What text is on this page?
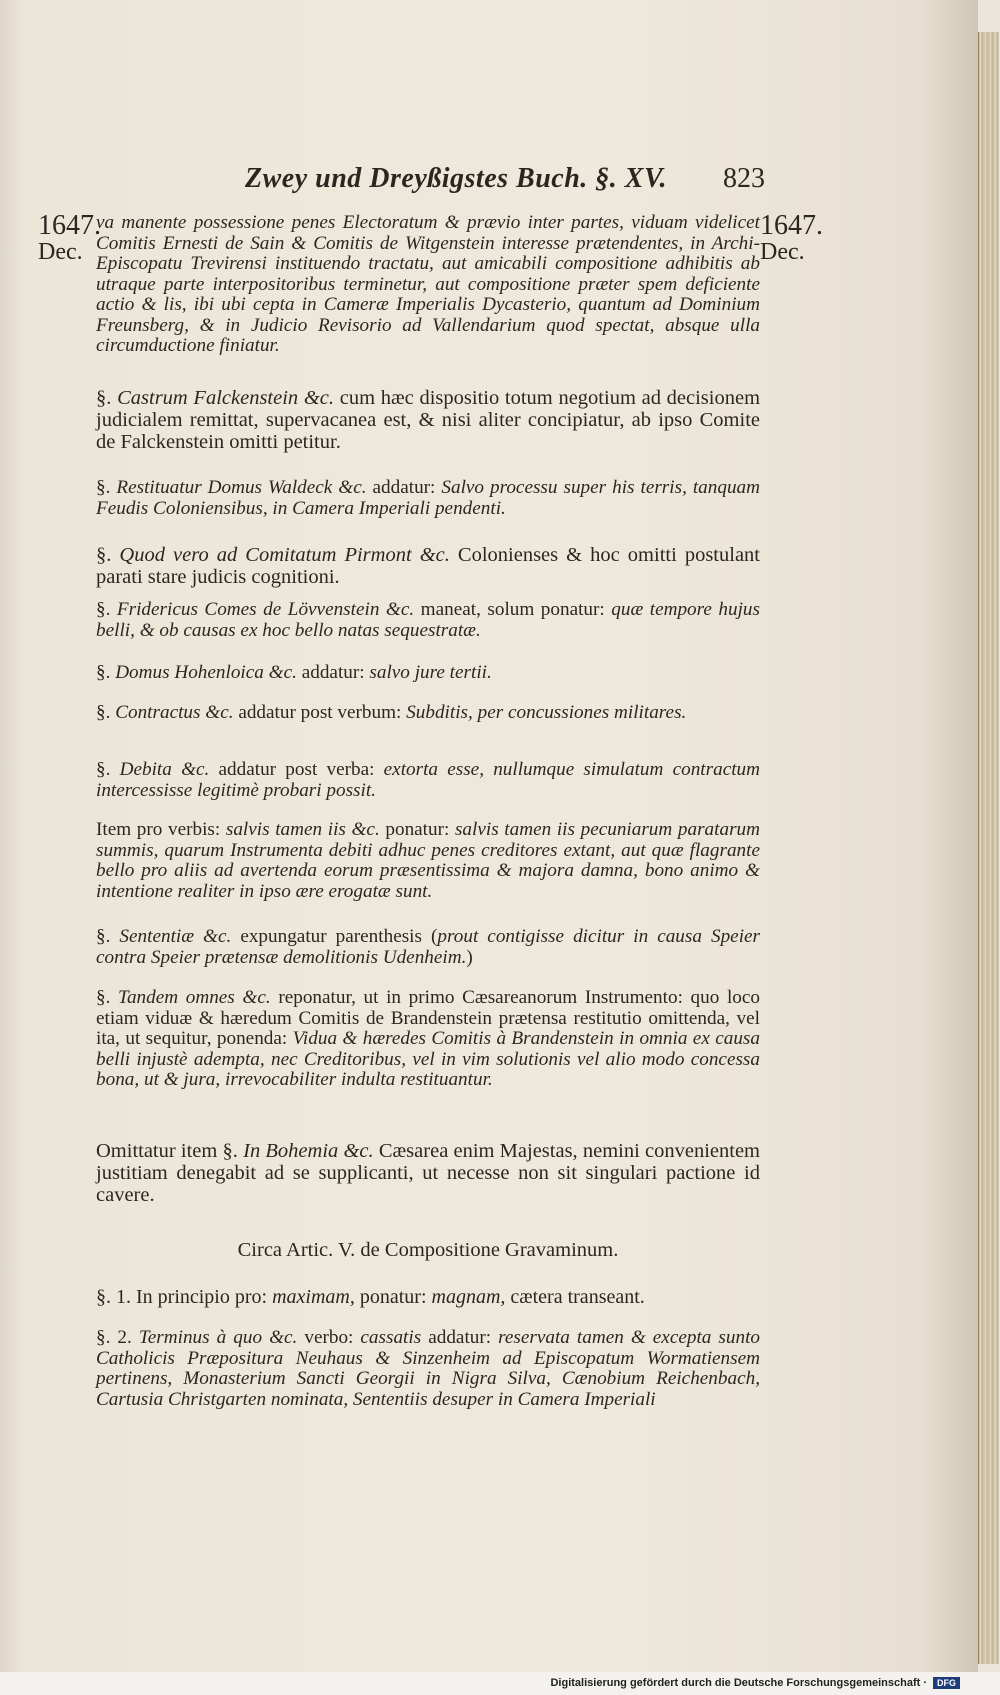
Zwey und Dreyßigstes Buch. §. XV. 823
1647.
Dec.
1647.
Dec.

va manente possessione penes Electoratum & prævio inter partes, viduam videlicet Comitis Ernesti de Sain & Comitis de Witgenstein interesse prætendentes, in Archi-Episcopatu Trevirensi instituendo tractatu, aut amicabili compositione adhibitis ab utraque parte interpositoribus terminetur, aut compositione præter spem deficiente actio & lis, ibi ubi cepta in Cameræ Imperialis Dycasterio, quantum ad Dominium Freunsberg, & in Judicio Revisorio ad Vallendarium quod spectat, absque ulla circumductione finiatur.

§. Castrum Falckenstein &c. cum hæc dispositio totum negotium ad decisionem judicialem remittat, supervacanea est, & nisi aliter concipiatur, ab ipso Comite de Falckenstein omitti petitur.

§. Restituatur Domus Waldeck &c. addatur: Salvo processu super his terris, tanquam Feudis Coloniensibus, in Camera Imperiali pendenti.

§. Quod vero ad Comitatum Pirmont &c. Colonienses & hoc omitti postulant parati stare judicis cognitioni.

§. Fridericus Comes de Lövvenstein &c. maneat, solum ponatur: quæ tempore hujus belli, & ob causas ex hoc bello natas sequestratæ.

§. Domus Hohenloica &c. addatur: salvo jure tertii.

§. Contractus &c. addatur post verbum: Subditis, per concussiones militares.

§. Debita &c. addatur post verba: extorta esse, nullumque simulatum contractum intercessisse legitimè probari possit.

Item pro verbis: salvis tamen iis &c. ponatur: salvis tamen iis pecuniarum paratarum summis, quarum Instrumenta debiti adhuc penes creditores extant, aut quæ flagrante bello pro aliis ad avertenda eorum præsentissima & majora damna, bono animo & intentione realiter in ipso ære erogatæ sunt.

§. Sententiæ &c. expungatur parenthesis (prout contigisse dicitur in causa Speier contra Speier prætensæ demolitionis Udenheim.)

§. Tandem omnes &c. reponatur, ut in primo Cæsareanorum Instrumento: quo loco etiam viduæ & hæredum Comitis de Brandenstein prætensa restitutio omittenda, vel ita, ut sequitur, ponenda: Vidua & hæredes Comitis à Brandenstein in omnia ex causa belli injustè adempta, nec Creditoribus, vel in vim solutionis vel alio modo concessa bona, ut & jura, irrevocabiliter indulta restituantur.

Omittatur item §. In Bohemia &c. Cæsarea enim Majestas, nemini convenientem justitiam denegabit ad se supplicanti, ut necesse non sit singulari pactione id cavere.

Circa Artic. V. de Compositione Gravaminum.

§. 1. In principio pro: maximam, ponatur: magnam, cætera transeant.

§. 2. Terminus à quo &c. verbo: cassatis addatur: reservata tamen & excepta sunto Catholicis Præpositura Neuhaus & Sinzenheim ad Episcopatum Wormatiensem pertinens, Monasterium Sancti Georgii in Nigra Silva, Cænobium Reichenbach, Cartusia Christgarten nominata, Sententiis desuper in Camera Imperiali

Digitalisierung gefördert durch die Deutsche Forschungsgemeinschaft ·	DFG
